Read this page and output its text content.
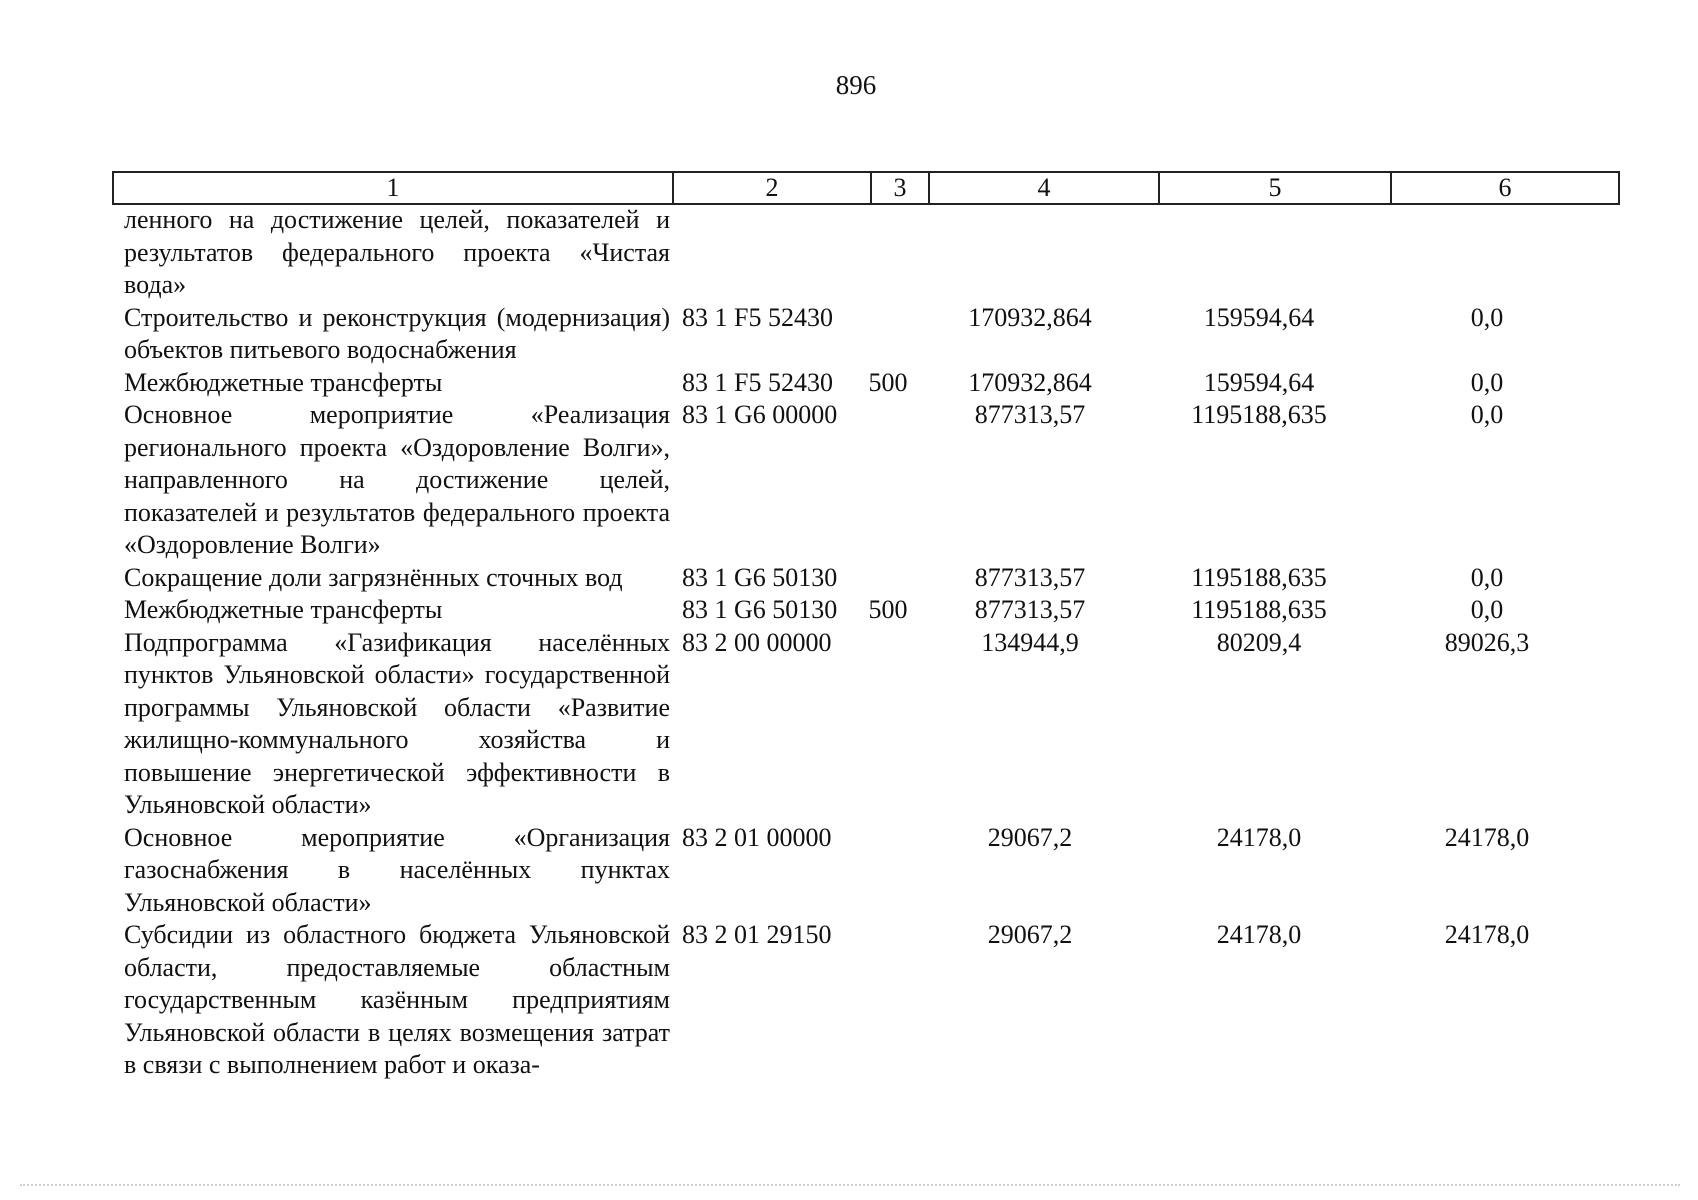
896
1	2	3	4	5	6
ленного на достижение целей, показателей и результатов федерального проекта «Чистая вода»					
Строительство и реконструкция (модернизация) объектов питьевого водоснабжения	83 1 F5 52430		170932,864	159594,64	0,0
Межбюджетные трансферты	83 1 F5 52430	500	170932,864	159594,64	0,0
Основное мероприятие «Реализация регионального проекта «Оздоровление Волги», направленного на достижение целей, показателей и результатов федерального проекта «Оздоровление Волги»	83 1 G6 00000		877313,57	1195188,635	0,0
Сокращение доли загрязнённых сточных вод	83 1 G6 50130		877313,57	1195188,635	0,0
Межбюджетные трансферты	83 1 G6 50130	500	877313,57	1195188,635	0,0
Подпрограмма «Газификация населённых пунктов Ульяновской области» государственной программы Ульяновской области «Развитие жилищно-коммунального хозяйства и повышение энергетической эффективности в Ульяновской области»	83 2 00 00000		134944,9	80209,4	89026,3
Основное мероприятие «Организация газоснабжения в населённых пунктах Ульяновской области»	83 2 01 00000		29067,2	24178,0	24178,0
Субсидии из областного бюджета Ульяновской области, предоставляемые областным государственным казённым предприятиям Ульяновской области в целях возмещения затрат в связи с выполнением работ и оказа-	83 2 01 29150		29067,2	24178,0	24178,0
